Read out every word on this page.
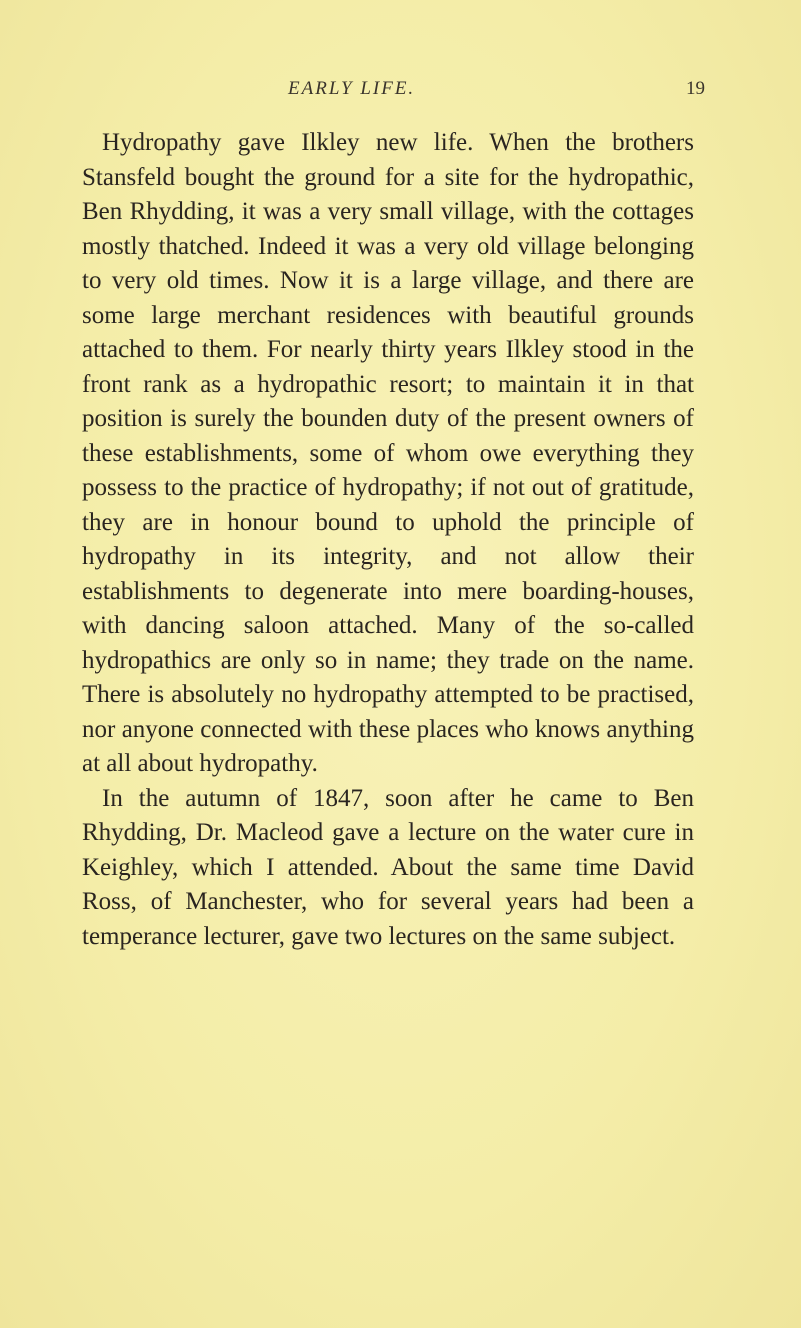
EARLY LIFE.	19

Hydropathy gave Ilkley new life. When the brothers Stansfeld bought the ground for a site for the hydropathic, Ben Rhydding, it was a very small village, with the cottages mostly thatched. Indeed it was a very old village belonging to very old times. Now it is a large village, and there are some large merchant residences with beautiful grounds attached to them. For nearly thirty years Ilkley stood in the front rank as a hydropathic resort; to maintain it in that position is surely the bounden duty of the present owners of these establishments, some of whom owe everything they possess to the practice of hydropathy; if not out of gratitude, they are in honour bound to uphold the principle of hydropathy in its integrity, and not allow their establishments to degenerate into mere boarding-houses, with dancing saloon attached. Many of the so-called hydropathics are only so in name; they trade on the name. There is absolutely no hydropathy attempted to be practised, nor anyone connected with these places who knows anything at all about hydropathy.

In the autumn of 1847, soon after he came to Ben Rhydding, Dr. Macleod gave a lecture on the water cure in Keighley, which I attended. About the same time David Ross, of Manchester, who for several years had been a temperance lecturer, gave two lectures on the same subject.
